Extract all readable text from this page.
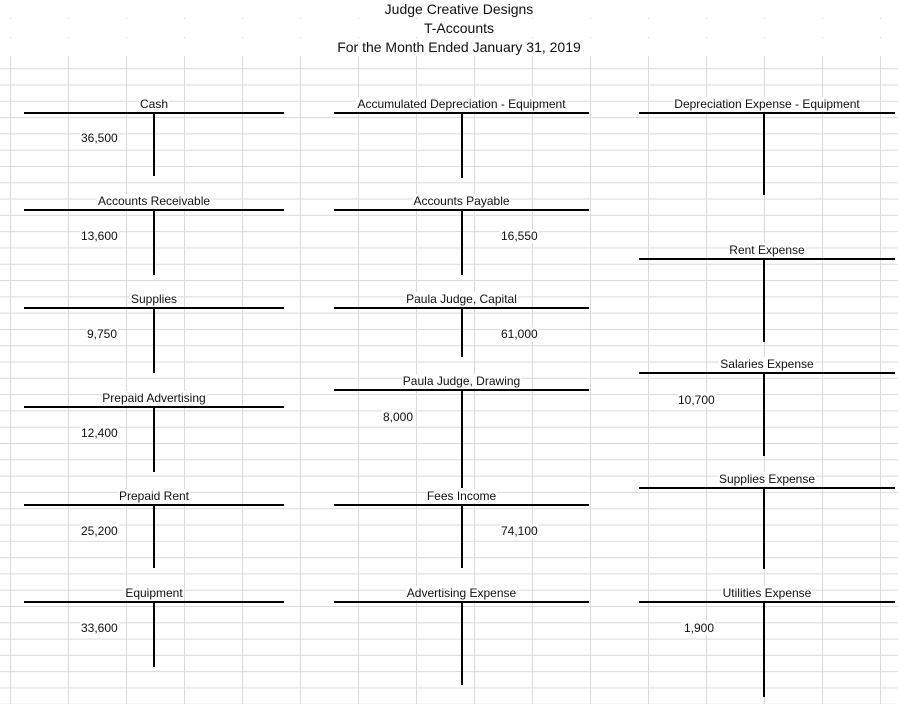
Judge Creative Designs
T-Accounts
For the Month Ended January 31, 2019
Cash
36,500
Accounts Receivable
13,600
Supplies
9,750
Prepaid Advertising
12,400
Prepaid Rent
25,200
Equipment
33,600
Accumulated Depreciation - Equipment
Accounts Payable
16,550
Paula Judge, Capital
61,000
Paula Judge, Drawing
8,000
Fees Income
74,100
Advertising Expense
Depreciation Expense - Equipment
Rent Expense
Salaries Expense
10,700
Supplies Expense
Utilities Expense
1,900
